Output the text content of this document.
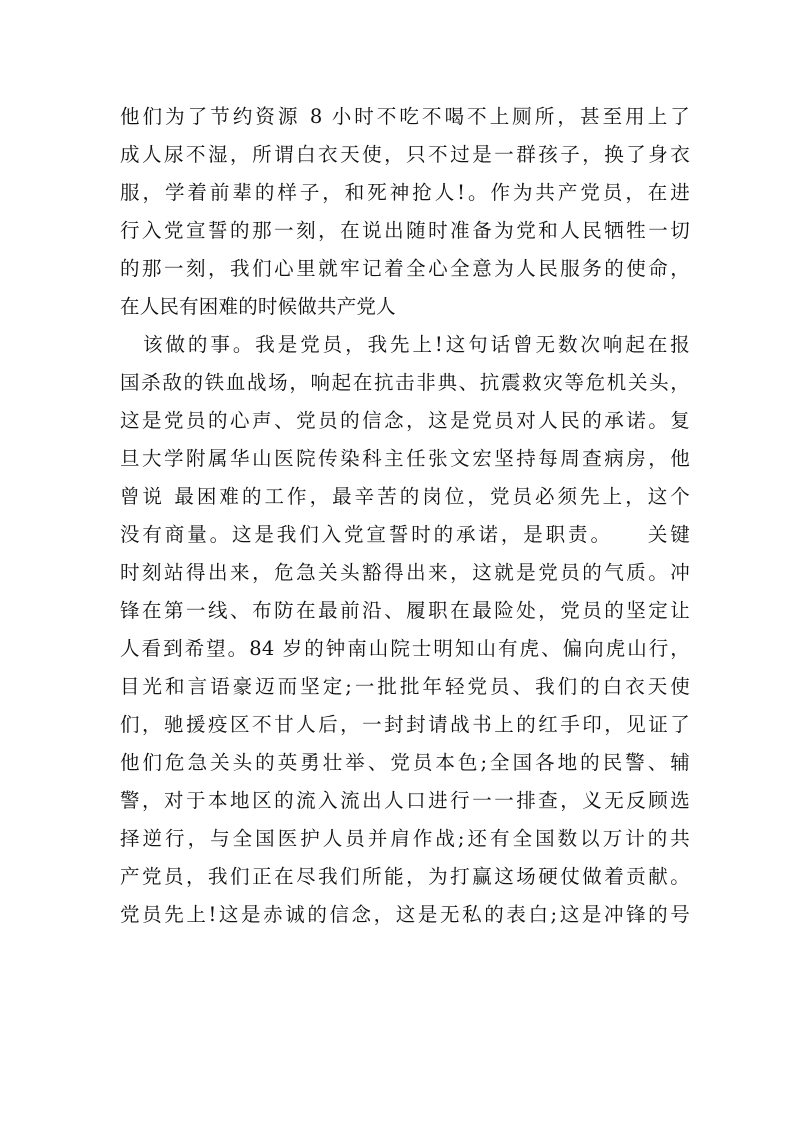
他们为了节约资源 8 小时不吃不喝不上厕所，甚至用上了
成人尿不湿，所谓白衣天使，只不过是一群孩子，换了身衣
服，学着前辈的样子，和死神抢人!。作为共产党员，在进
行入党宣誓的那一刻，在说出随时准备为党和人民牺牲一切
的那一刻，我们心里就牢记着全心全意为人民服务的使命，
在人民有困难的时候做共产党人
该做的事。我是党员，我先上!这句话曾无数次响起在报
国杀敌的铁血战场，响起在抗击非典、抗震救灾等危机关头，
这是党员的心声、党员的信念，这是党员对人民的承诺。复
旦大学附属华山医院传染科主任张文宏坚持每周查病房，他
曾说 最困难的工作，最辛苦的岗位，党员必须先上，这个
没有商量。这是我们入党宣誓时的承诺，是职责。　　关键
时刻站得出来，危急关头豁得出来，这就是党员的气质。冲
锋在第一线、布防在最前沿、履职在最险处，党员的坚定让
人看到希望。84 岁的钟南山院士明知山有虎、偏向虎山行，
目光和言语豪迈而坚定;一批批年轻党员、我们的白衣天使
们，驰援疫区不甘人后，一封封请战书上的红手印，见证了
他们危急关头的英勇壮举、党员本色;全国各地的民警、辅
警，对于本地区的流入流出人口进行一一排查，义无反顾选
择逆行，与全国医护人员并肩作战;还有全国数以万计的共
产党员，我们正在尽我们所能，为打赢这场硬仗做着贡献。
党员先上!这是赤诚的信念，这是无私的表白;这是冲锋的号
